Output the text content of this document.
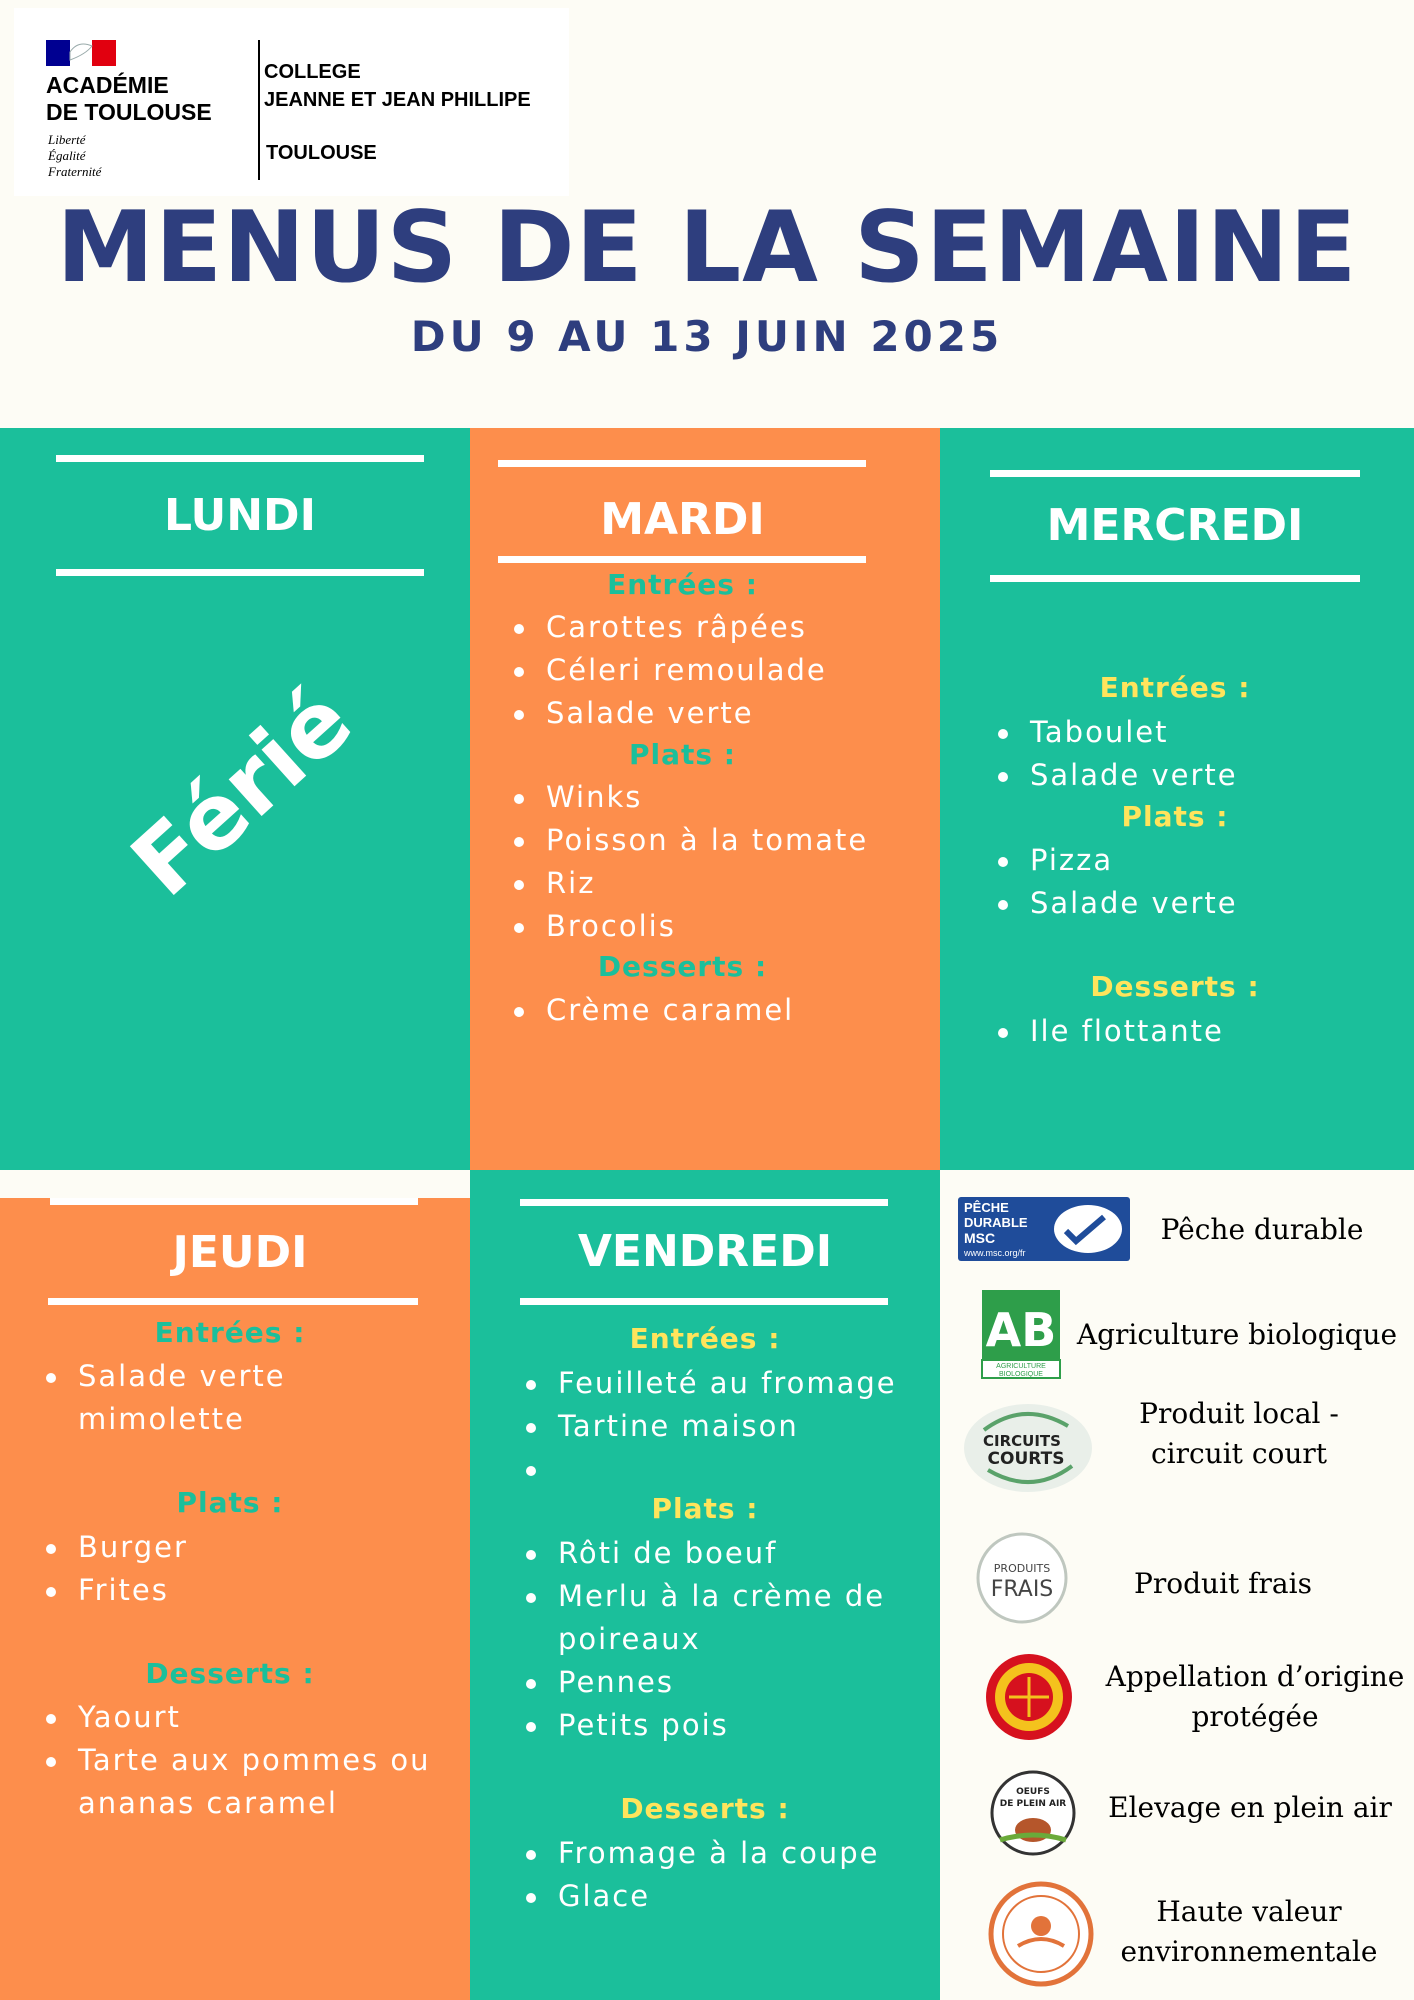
ACADÉMIE
DE TOULOUSE
Liberté
Égalité
Fraternité
COLLEGE
JEANNE ET JEAN PHILLIPE
TOULOUSE
MENUS DE LA SEMAINE
DU 9 AU 13 JUIN 2025
LUNDI
Férié
MARDI
Entrées :
Carottes râpées
Céleri remoulade
Salade verte
Plats :
Winks
Poisson à la tomate
Riz
Brocolis
Desserts :
Crème caramel
MERCREDI
Entrées :
Taboulet
Salade verte
Plats :
Pizza
Salade verte
Desserts :
Ile flottante
JEUDI
Entrées :
Salade verte
mimolette
Plats :
Burger
Frites
Desserts :
Yaourt
Tarte aux pommes ou
ananas caramel
VENDREDI
Entrées :
Feuilleté au fromage
Tartine maison
Plats :
Rôti de boeuf
Merlu à la crème de
poireaux
Pennes
Petits pois
Desserts :
Fromage à la coupe
Glace
PÊCHE
DURABLE
MSC
www.msc.org/fr
Pêche durable
AB
AGRICULTURE
BIOLOGIQUE
Agriculture biologique
CIRCUITS
COURTS
Produit local -
circuit court
PRODUITS
FRAIS	Produit frais
Appellation d’origine
protégée
OEUFS
DE PLEIN AIR Elevage en plein air
Haute valeur
environnementale
